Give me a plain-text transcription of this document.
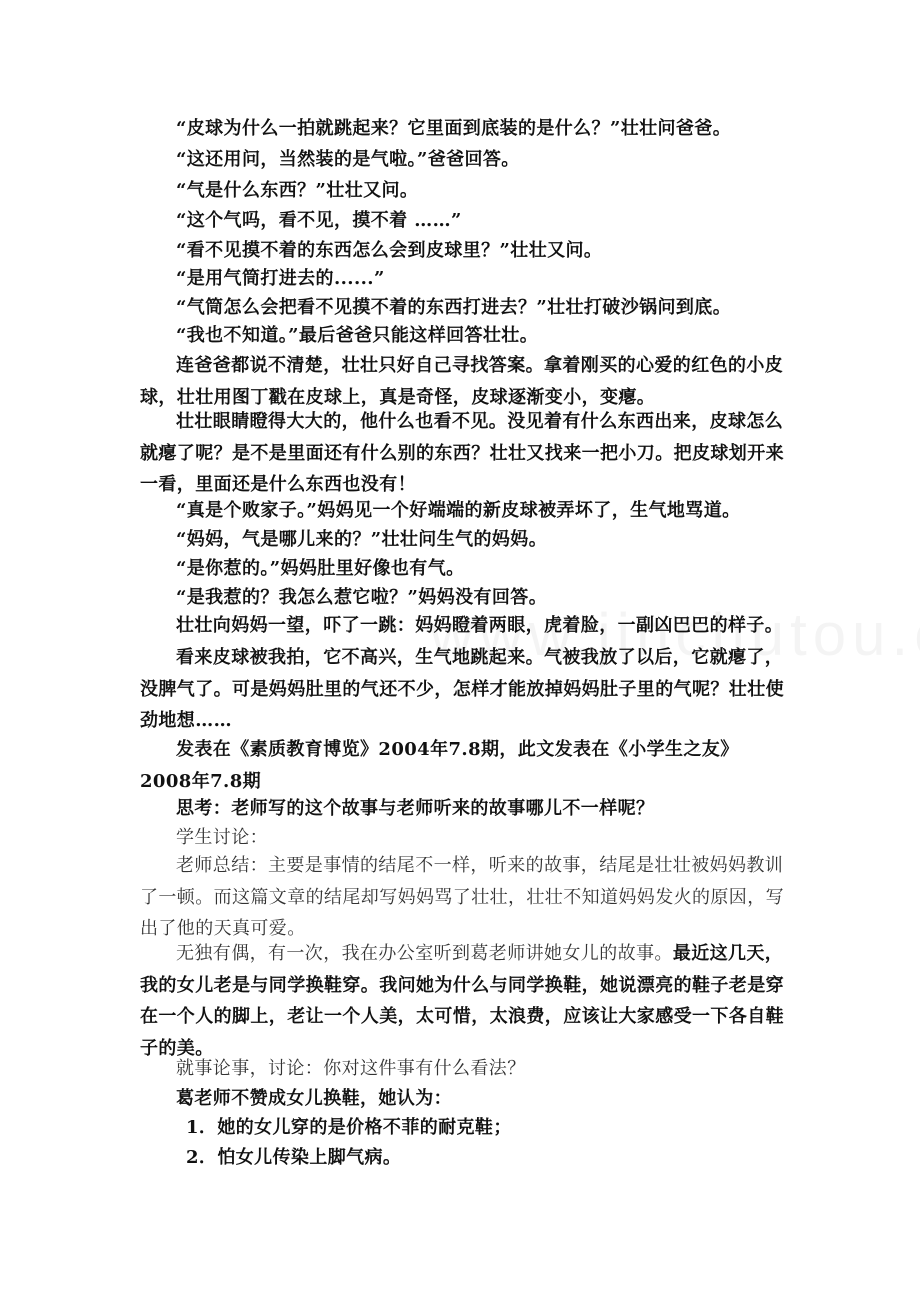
“皮球为什么一拍就跳起来？它里面到底装的是什么？”壮壮问爸爸。
“这还用问，当然装的是气啦。”爸爸回答。
“气是什么东西？”壮壮又问。
“这个气吗，看不见，摸不着 ……”
“看不见摸不着的东西怎么会到皮球里？”壮壮又问。
“是用气筒打进去的......”
“气筒怎么会把看不见摸不着的东西打进去？”壮壮打破沙锅问到底。
“我也不知道。”最后爸爸只能这样回答壮壮。
连爸爸都说不清楚，壮壮只好自己寻找答案。拿着刚买的心爱的红色的小皮球，壮壮用图丁戳在皮球上，真是奇怪，皮球逐渐变小，变瘪。
壮壮眼睛瞪得大大的，他什么也看不见。没见着有什么东西出来，皮球怎么就瘪了呢？是不是里面还有什么别的东西？壮壮又找来一把小刀。把皮球划开来一看，里面还是什么东西也没有！
“真是个败家子。”妈妈见一个好端端的新皮球被弄坏了，生气地骂道。
“妈妈，气是哪儿来的？”壮壮问生气的妈妈。
“是你惹的。”妈妈肚里好像也有气。
“是我惹的？我怎么惹它啦？”妈妈没有回答。
壮壮向妈妈一望，吓了一跳：妈妈瞪着两眼，虎着脸，一副凶巴巴的样子。
看来皮球被我拍，它不高兴，生气地跳起来。气被我放了以后，它就瘪了，没脾气了。可是妈妈肚里的气还不少，怎样才能放掉妈妈肚子里的气呢？壮壮使劲地想……
发表在《素质教育博览》2004年7.8期，此文发表在《小学生之友》2008年7.8期
思考：老师写的这个故事与老师听来的故事哪儿不一样呢？
学生讨论：
老师总结：主要是事情的结尾不一样，听来的故事，结尾是壮壮被妈妈教训了一顿。而这篇文章的结尾却写妈妈骂了壮壮，壮壮不知道妈妈发火的原因，写出了他的天真可爱。
无独有偶，有一次，我在办公室听到葛老师讲她女儿的故事。最近这几天，我的女儿老是与同学换鞋穿。我问她为什么与同学换鞋，她说漂亮的鞋子老是穿在一个人的脚上，老让一个人美，太可惜，太浪费，应该让大家感受一下各自鞋子的美。
就事论事，讨论：你对这件事有什么看法？
葛老师不赞成女儿换鞋，她认为：
1．她的女儿穿的是价格不菲的耐克鞋；
2．怕女儿传染上脚气病。
